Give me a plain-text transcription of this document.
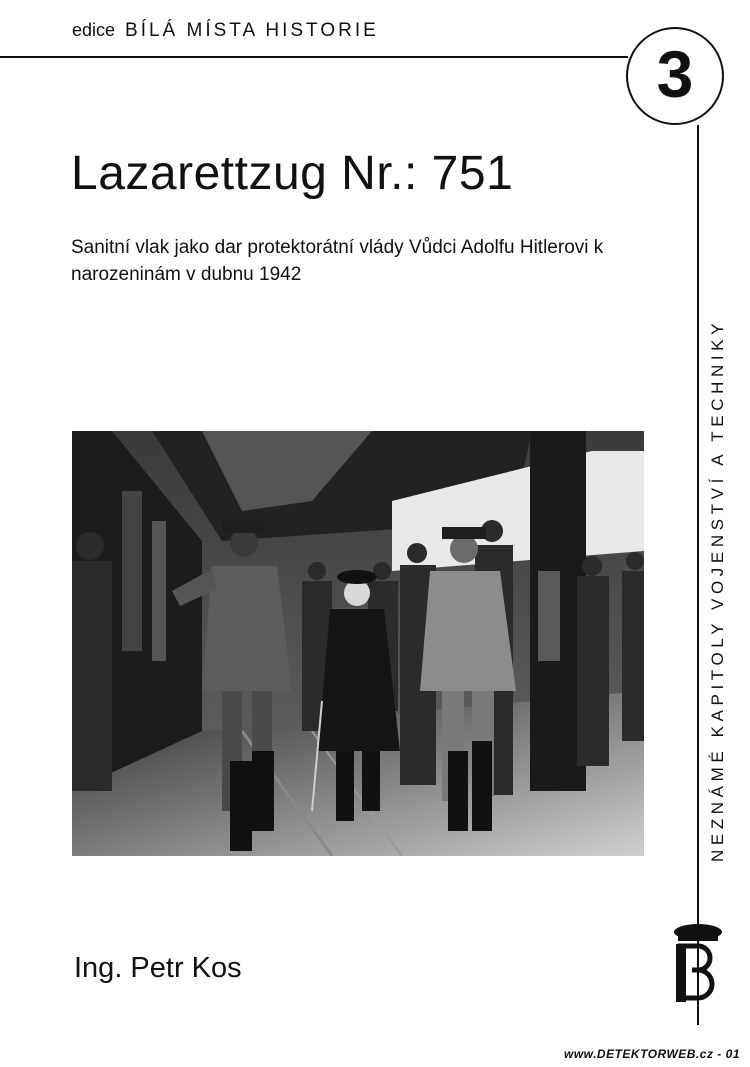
edice BÍLÁ MÍSTA HISTORIE
3
NEZNÁMÉ KAPITOLY VOJENSTVÍ A TECHNIKY
Lazarettzug Nr.: 751

Sanitní vlak jako dar protektorátní vlády Vůdci Adolfu Hitlerovi k narozeninám v dubnu 1942

Ing. Petr Kos
www.DETEKTORWEB.cz - 01
